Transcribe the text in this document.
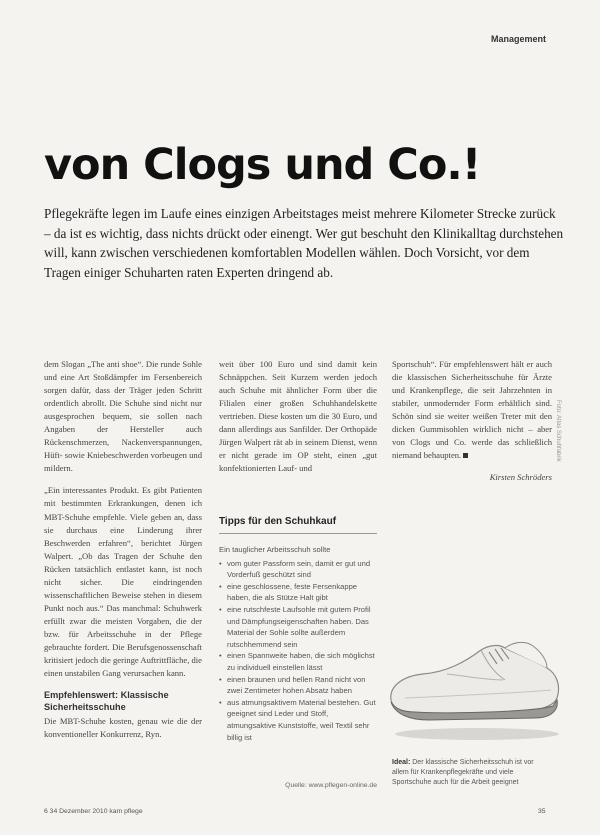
Management
von Clogs und Co.!

Pflegekräfte legen im Laufe eines einzigen Arbeitstages meist mehrere Kilometer Strecke zurück – da ist es wichtig, dass nichts drückt oder einengt. Wer gut beschuht den Klinikalltag durchstehen will, kann zwischen verschiedenen komfortablen Modellen wählen. Doch Vorsicht, vor dem Tragen einiger Schuharten raten Experten dringend ab.

dem Slogan „The anti shoe“. Die runde Sohle und eine Art Stoßdämpfer im Fersenbereich sorgen dafür, dass der Träger jeden Schritt ordentlich abrollt. Die Schuhe sind nicht nur ausgesprochen bequem, sie sollen nach Angaben der Hersteller auch Rückenschmerzen, Nackenverspannungen, Hüft- sowie Kniebeschwerden vorbeugen und mildern.

„Ein interessantes Produkt. Es gibt Patienten mit bestimmten Erkrankungen, denen ich MBT-Schuhe empfehle. Viele geben an, dass sie durchaus eine Linderung ihrer Beschwerden erfahren“, berichtet Jürgen Walpert. „Ob das Tragen der Schuhe den Rücken tatsächlich entlastet kann, ist noch nicht sicher. Die eindringenden wissenschaftlichen Beweise stehen in diesem Punkt noch aus.“ Das manchmal: Schuhwerk erfüllt zwar die meisten Vorgaben, die der bzw. für Arbeitsschuhe in der Pflege gebrauchte fordert. Die Berufsgenossenschaft kritisiert jedoch die geringe Auftrittfläche, die einen unstabilen Gang verursachen kann.

Empfehlenswert: Klassische Sicherheitsschuhe

Die MBT-Schuhe kosten, genau wie die der konventioneller Konkurrenz, Ryn.

weit über 100 Euro und sind damit kein Schnäppchen. Seit Kurzem werden jedoch auch Schuhe mit ähnlicher Form über die Filialen einer großen Schuhhandelskette vertrieben. Diese kosten um die 30 Euro, und dann allerdings aus Sanfilder. Der Orthopäde Jürgen Walpert rät ab in seinem Dienst, wenn er nicht gerade im OP steht, einen „gut konfektionierten Lauf- und

Tipps für den Schuhkauf
Ein tauglicher Arbeitsschuh sollte
• vom guter Passform sein, damit er gut und Vorderfuß geschützt sind
• eine geschlossene, feste Fersenkappe haben, die als Stütze Halt gibt
• eine rutschfeste Laufsohle mit gutem Profil und Dämpfungseigenschaften haben. Das Material der Sohle sollte außerdem rutschhemmend sein
• einen Spannweite haben, die sich möglichst zu individuell einstellen lässt
• einen braunen und hellen Rand nicht von zwei Zentimeter hohen Absatz haben
• aus atmungsaktivem Material bestehen. Gut geeignet sind Leder und Stoff, atmungsaktive Kunststoffe, weil Textil sehr billig ist
Quelle: www.pflegen-online.de

Sportschuh“. Für empfehlenswert hält er auch die klassischen Sicherheitsschuhe für Ärzte und Krankenpflege, die seit Jahrzehnten in stabiler, unmodernder Form erhältlich sind. Schön sind sie weiter weißen Treter mit den dicken Gummisohlen wirklich nicht – aber von Clogs und Co. werde das schließlich niemand behaupten.

Kirsten Schröders

Foto: Atlas Schuhfabrik
Ideal: Der klassische Sicherheitsschuh ist vor allem für Krankenpflegekräfte und viele Sportschuhe auch für die Arbeit geeignet
6 34 Dezember 2010 kam pflege	35
